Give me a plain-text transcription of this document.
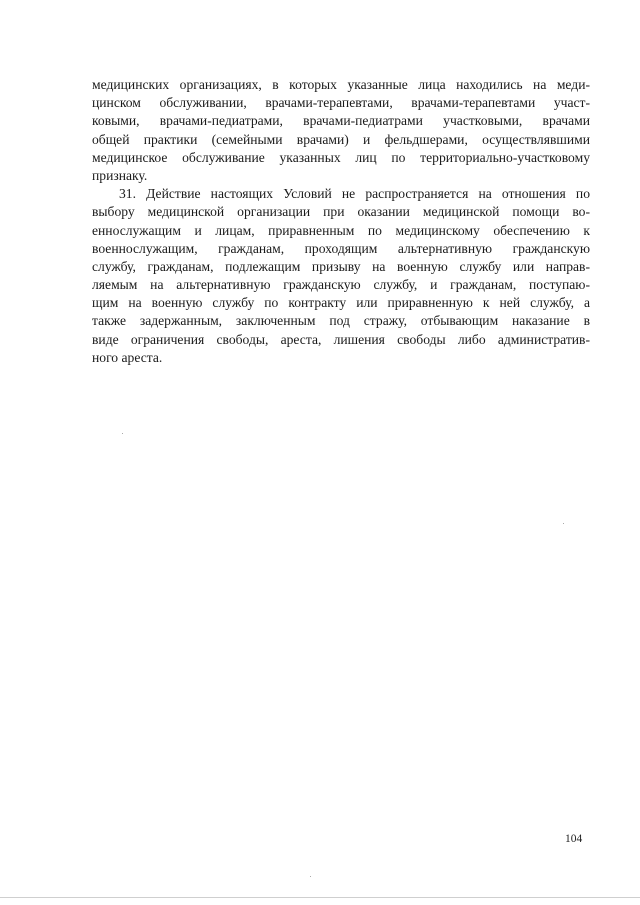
медицинских организациях, в которых указанные лица находились на меди-
цинском обслуживании, врачами-терапевтами, врачами-терапевтами участ-
ковыми, врачами-педиатрами, врачами-педиатрами участковыми, врачами
общей практики (семейными врачами) и фельдшерами, осуществлявшими
медицинское обслуживание указанных лиц по территориально-участковому
признаку.
31. Действие настоящих Условий не распространяется на отношения по
выбору медицинской организации при оказании медицинской помощи во-
еннослужащим и лицам, приравненным по медицинскому обеспечению к
военнослужащим, гражданам, проходящим альтернативную гражданскую
службу, гражданам, подлежащим призыву на военную службу или направ-
ляемым на альтернативную гражданскую службу, и гражданам, поступаю-
щим на военную службу по контракту или приравненную к ней службу, а
также задержанным, заключенным под стражу, отбывающим наказание в
виде ограничения свободы, ареста, лишения свободы либо административ-
ного ареста.
104
